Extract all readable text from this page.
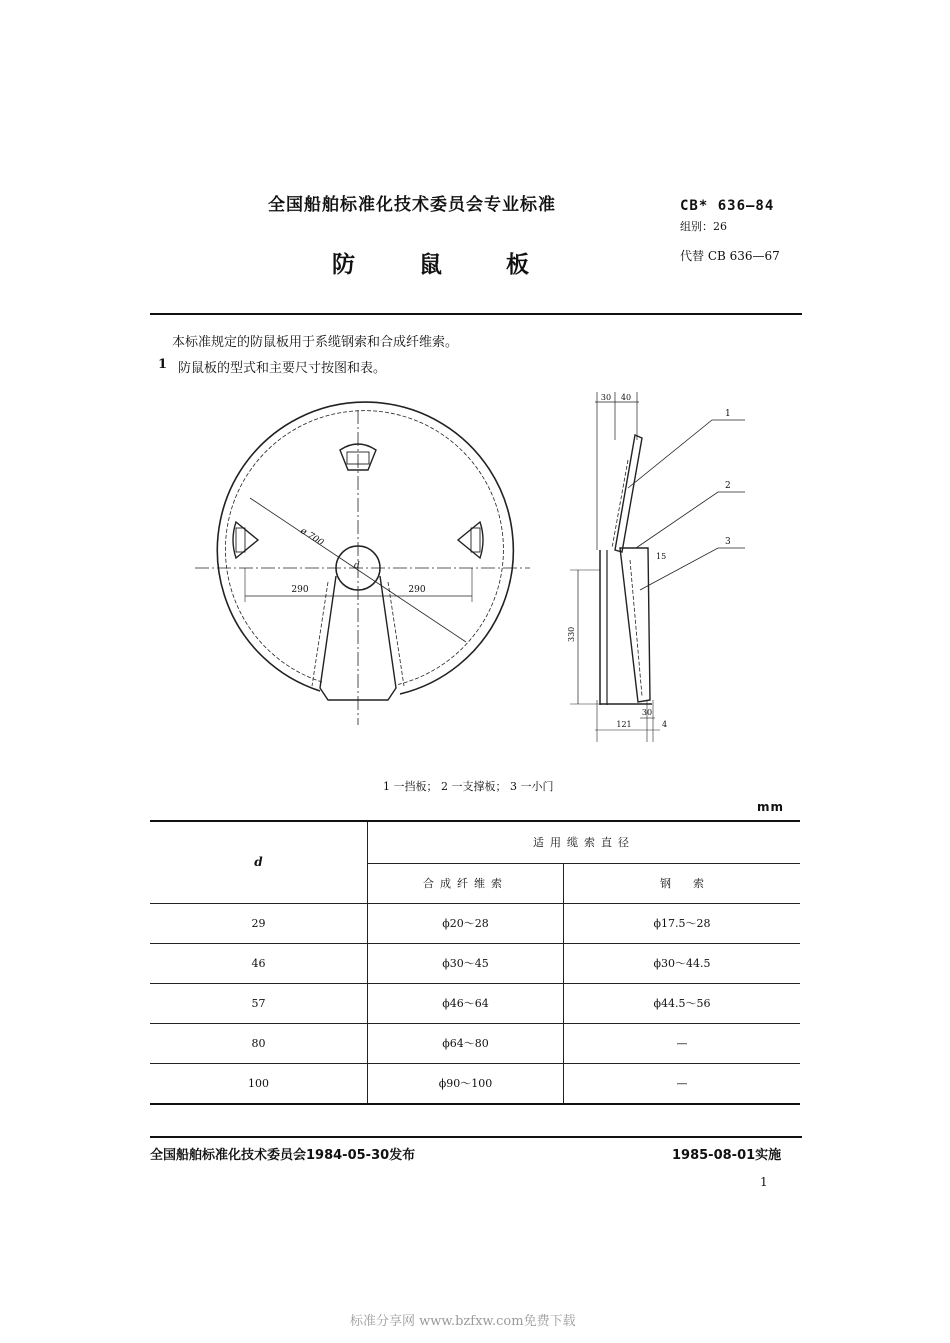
全国船舶标准化技术委员会专业标准
防 鼠 板
CB* 636—84
组别：26
代替 CB 636—67
本标准规定的防鼠板用于系缆钢索和合成纤维索。
1 防鼠板的型式和主要尺寸按图和表。
290	290
ø 700
d
30 40
330
30
121	4
15
1
2
3
1 一挡板； 2 一支撑板； 3 一小门
mm
d	适用缆索直径	
	合成纤维索	钢　　索
29	ϕ20～28	ϕ17.5～28
46	ϕ30～45	ϕ30～44.5
57	ϕ46～64	ϕ44.5～56
80	ϕ64～80	—
100	ϕ90～100	—
全国船舶标准化技术委员会1984-05-30发布	1985-08-01实施
1
标准分享网 www.bzfxw.com免费下载
